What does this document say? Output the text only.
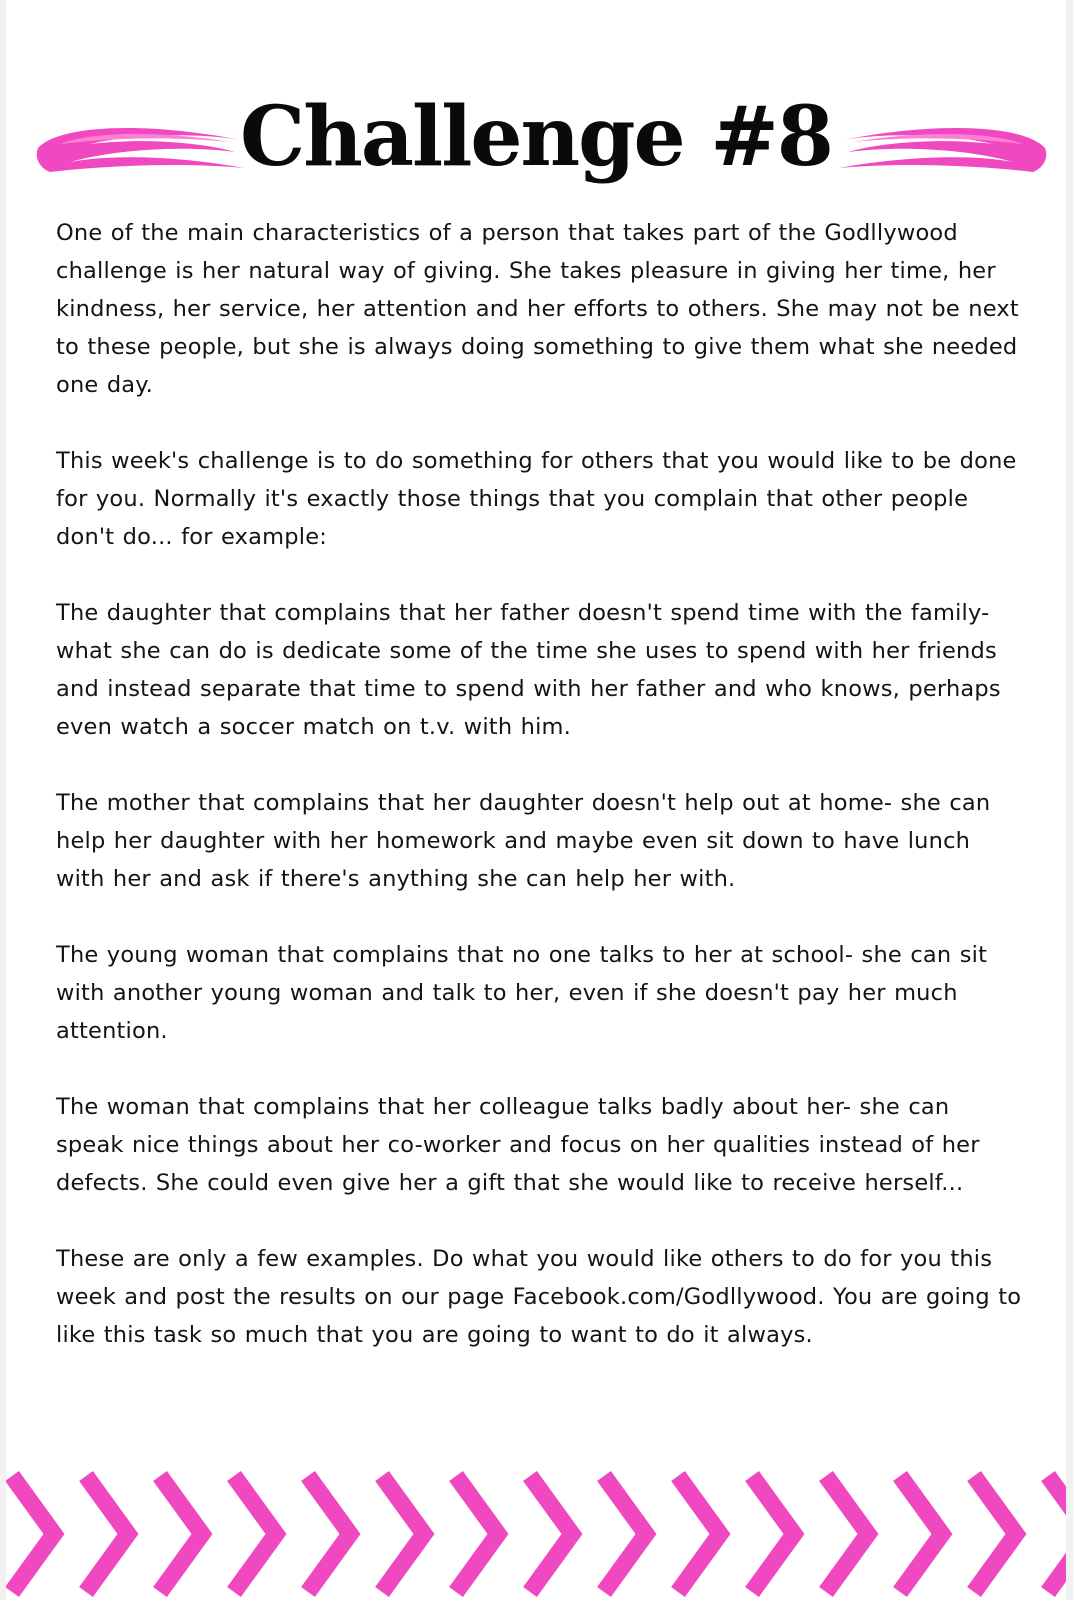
Challenge #8

One of the main characteristics of a person that takes part of the Godllywood challenge is her natural way of giving. She takes pleasure in giving her time, her kindness, her service, her attention and her efforts to others. She may not be next to these people, but she is always doing something to give them what she needed one day.

This week's challenge is to do something for others that you would like to be done for you. Normally it's exactly those things that you complain that other people don't do... for example:

The daughter that complains that her father doesn't spend time with the family- what she can do is dedicate some of the time she uses to spend with her friends and instead separate that time to spend with her father and who knows, perhaps even watch a soccer match on t.v. with him.

The mother that complains that her daughter doesn't help out at home- she can help her daughter with her homework and maybe even sit down to have lunch with her and ask if there's anything she can help her with.

The young woman that complains that no one talks to her at school- she can sit with another young woman and talk to her, even if she doesn't pay her much attention.

The woman that complains that her colleague talks badly about her- she can speak nice things about her co-worker and focus on her qualities instead of her defects. She could even give her a gift that she would like to receive herself...

These are only a few examples. Do what you would like others to do for you this week and post the results on our page Facebook.com/Godllywood. You are going to like this task so much that you are going to want to do it always.
